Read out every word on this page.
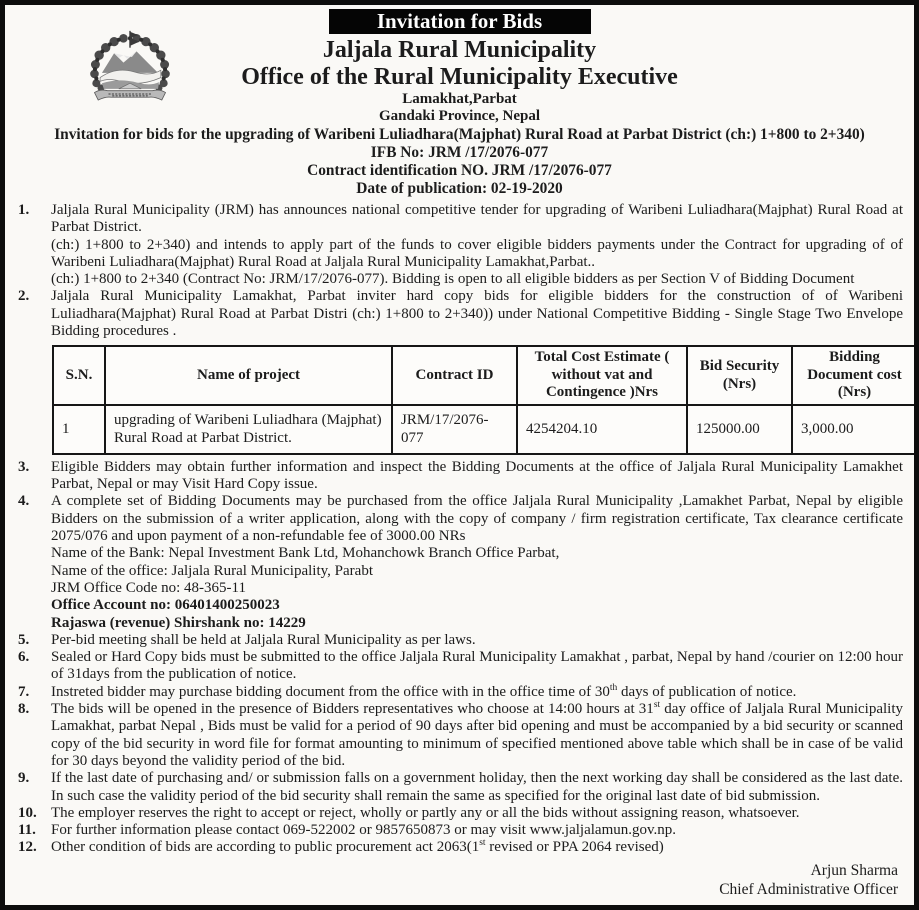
Invitation for Bids
Jaljala Rural Municipality
Office of the Rural Municipality Executive
Lamakhat,Parbat
Gandaki Province, Nepal
Invitation for bids for the upgrading of Waribeni Luliadhara(Majphat) Rural Road at Parbat District (ch:) 1+800 to 2+340)
IFB No: JRM /17/2076-077
Contract identification NO. JRM /17/2076-077
Date of publication: 02-19-2020
1.	Jaljala Rural Municipality (JRM) has announces national competitive tender for upgrading of Waribeni Luliadhara(Majphat) Rural Road at Parbat District.
(ch:) 1+800 to 2+340) and intends to apply part of the funds to cover eligible bidders payments under the Contract for upgrading of of Waribeni Luliadhara(Majphat) Rural Road at Jaljala Rural Municipality Lamakhat,Parbat..
(ch:) 1+800 to 2+340 (Contract No: JRM/17/2076-077). Bidding is open to all eligible bidders as per Section V of Bidding Document
2.	Jaljala Rural Municipality Lamakhat, Parbat inviter hard copy bids for eligible bidders for the construction of of Waribeni Luliadhara(Majphat) Rural Road at Parbat Distri (ch:) 1+800 to 2+340)) under National Competitive Bidding - Single Stage Two Envelope Bidding procedures .
S.N.	Name of project	Contract ID	Total Cost Estimate ( without vat and Contingence )Nrs	Bid Security (Nrs)	Bidding Document cost (Nrs)
1	upgrading of Waribeni Luliadhara (Majphat) Rural Road at Parbat District.	JRM/17/2076-077	4254204.10	125000.00	3,000.00
3.	Eligible Bidders may obtain further information and inspect the Bidding Documents at the office of Jaljala Rural Municipality Lamakhet Parbat, Nepal or may Visit Hard Copy issue.
4.	A complete set of Bidding Documents may be purchased from the office Jaljala Rural Municipality ,Lamakhet Parbat, Nepal by eligible Bidders on the submission of a writer application, along with the copy of company / firm registration certificate, Tax clearance certificate 2075/076 and upon payment of a non-refundable fee of 3000.00 NRs
Name of the Bank: Nepal Investment Bank Ltd, Mohanchowk Branch Office Parbat,
Name of the office: Jaljala Rural Municipality, Parabt
JRM Office Code no: 48-365-11
Office Account no: 06401400250023
Rajaswa (revenue) Shirshank no: 14229
5.	Per-bid meeting shall be held at Jaljala Rural Municipality as per laws.
6.	Sealed or Hard Copy bids must be submitted to the office Jaljala Rural Municipality Lamakhat , parbat, Nepal by hand /courier on 12:00 hour of 31days from the publication of notice.
7.	Instreted bidder may purchase bidding document from the office with in the office time of 30th days of publication of notice.
8.	The bids will be opened in the presence of Bidders representatives who choose at 14:00 hours at 31st day office of Jaljala Rural Municipality Lamakhat, parbat Nepal , Bids must be valid for a period of 90 days after bid opening and must be accompanied by a bid security or scanned copy of the bid security in word file for format amounting to minimum of specified mentioned above table which shall be in case of be valid for 30 days beyond the validity period of the bid.
9.	If the last date of purchasing and/ or submission falls on a government holiday, then the next working day shall be considered as the last date. In such case the validity period of the bid security shall remain the same as specified for the original last date of bid submission.
10. The employer reserves the right to accept or reject, wholly or partly any or all the bids without assigning reason, whatsoever.
11.	For further information please contact 069-522002 or 9857650873 or may visit www.jaljalamun.gov.np.
12. Other condition of bids are according to public procurement act 2063(1st revised or PPA 2064 revised)
Arjun Sharma
Chief Administrative Officer
